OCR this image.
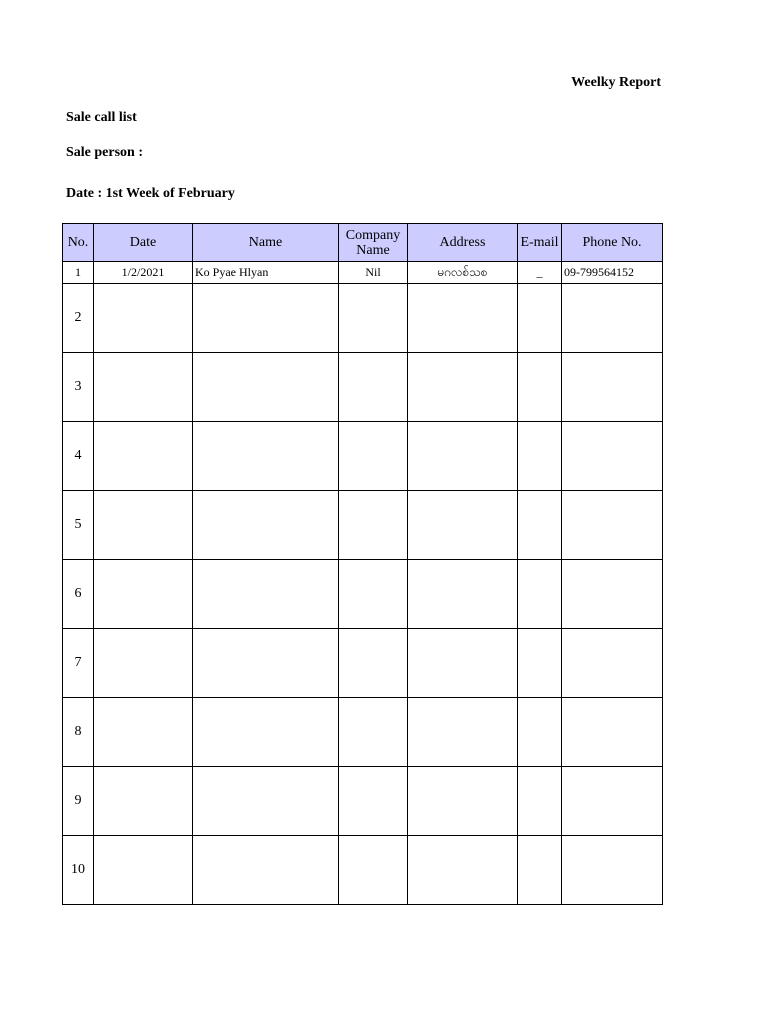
Weelky Report
Sale call list
Sale person :
Date : 1st Week of February
No.	Date	Name	Company Name	Address	E-mail	Phone No.
1	1/2/2021	Ko Pyae Hlyan	Nil	မဂလစ်သစ	_	09-799564152
2						
3						
4						
5						
6						
7						
8						
9						
10						
